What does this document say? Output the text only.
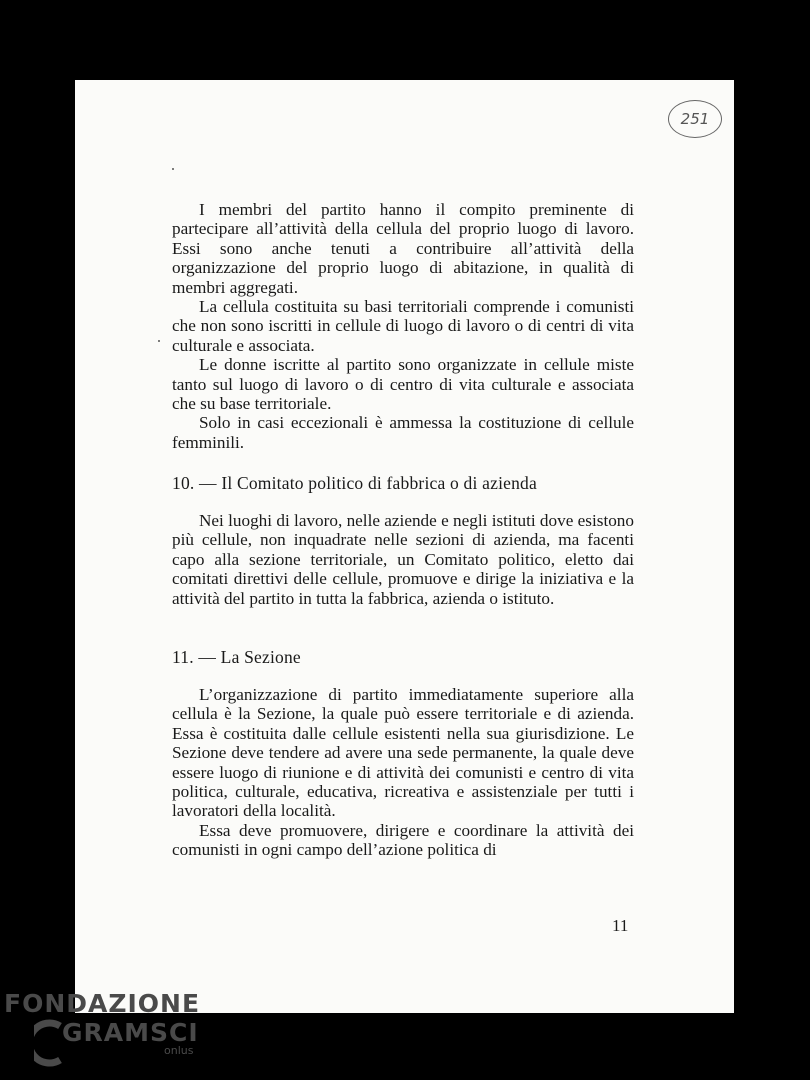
251

I membri del partito hanno il compito preminente di partecipare all’attività della cellula del proprio luogo di lavoro. Essi sono anche tenuti a contribuire all’attività della organizzazione del proprio luogo di abitazione, in qualità di membri aggregati.

La cellula costituita su basi territoriali comprende i comunisti che non sono iscritti in cellule di luogo di lavoro o di centri di vita culturale e associata.

Le donne iscritte al partito sono organizzate in cellule miste tanto sul luogo di lavoro o di centro di vita culturale e associata che su base territoriale.

Solo in casi eccezionali è ammessa la costituzione di cellule femminili.

10. — Il Comitato politico di fabbrica o di azienda

Nei luoghi di lavoro, nelle aziende e negli istituti dove esistono più cellule, non inquadrate nelle sezioni di azienda, ma facenti capo alla sezione territoriale, un Comitato politico, eletto dai comitati direttivi delle cellule, promuove e dirige la iniziativa e la attività del partito in tutta la fabbrica, azienda o istituto.

11. — La Sezione

L’organizzazione di partito immediatamente superiore alla cellula è la Sezione, la quale può essere territoriale e di azienda. Essa è costituita dalle cellule esistenti nella sua giurisdizione. Le Sezione deve tendere ad avere una sede permanente, la quale deve essere luogo di riunione e di attività dei comunisti e centro di vita politica, culturale, educativa, ricreativa e assistenziale per tutti i lavoratori della località.

Essa deve promuovere, dirigere e coordinare la attività dei comunisti in ogni campo dell’azione politica di

11
FONDAZIONE
GRAMSCI
onlus
